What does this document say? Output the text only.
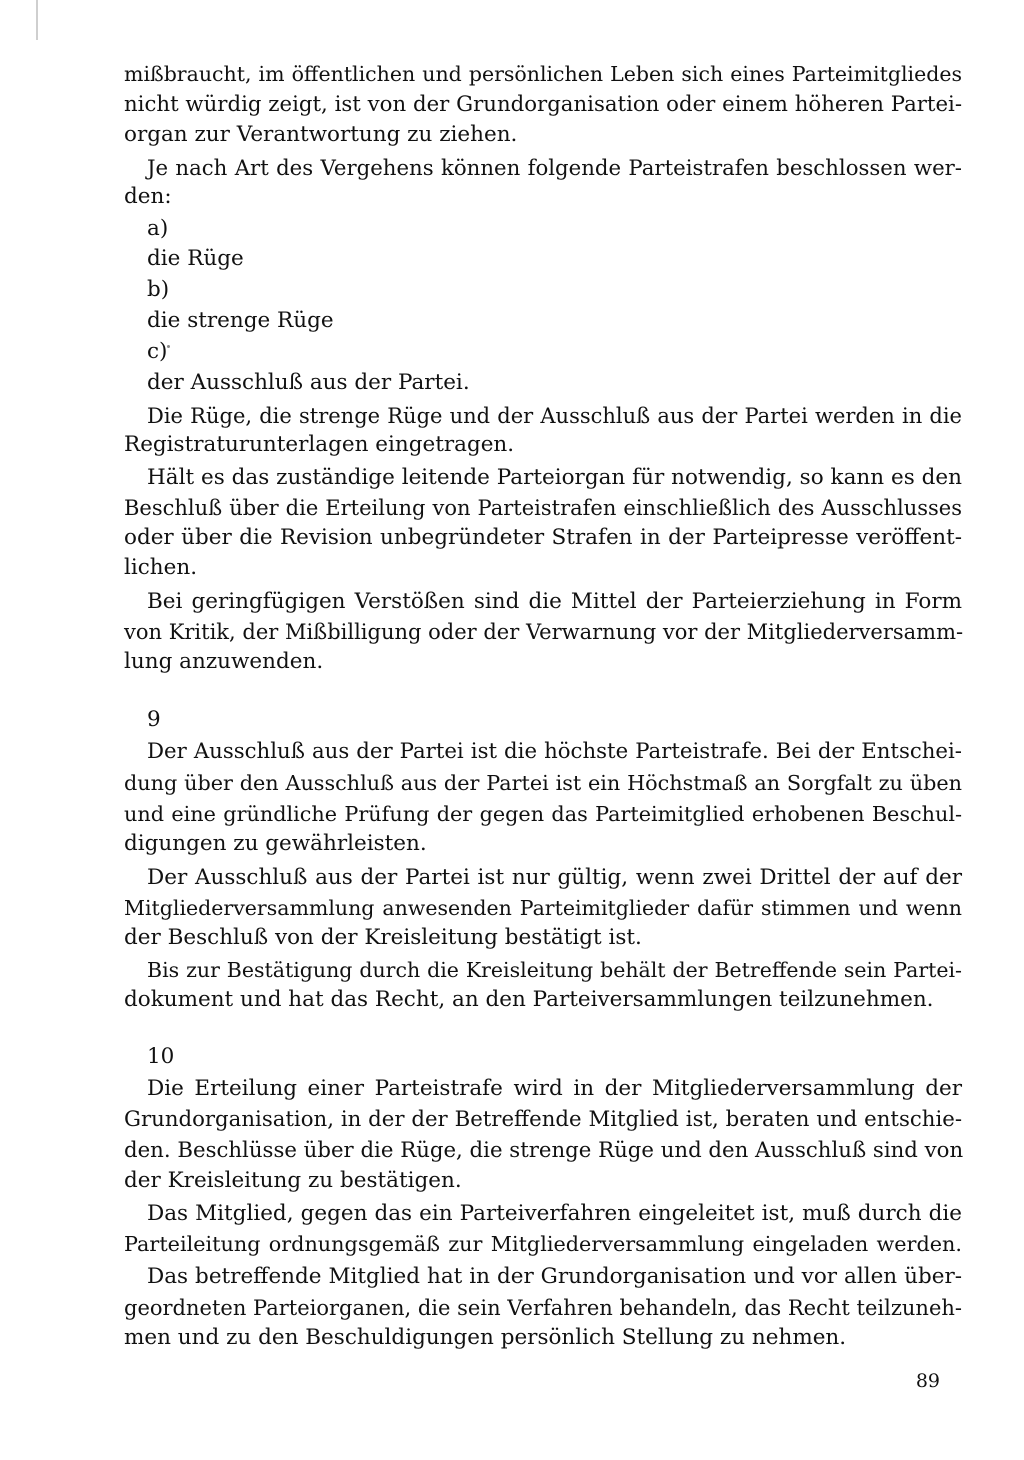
mißbraucht, im öffentlichen und persönlichen Leben sich eines Parteimitgliedes
nicht würdig zeigt, ist von der Grundorganisation oder einem höheren Partei-
organ zur Verantwortung zu ziehen.
Je nach Art des Vergehens können folgende Parteistrafen beschlossen wer-
den:
a)
die Rüge
b)
die strenge Rüge
c)
der Ausschluß aus der Partei.
Die Rüge, die strenge Rüge und der Ausschluß aus der Partei werden in die
Registraturunterlagen eingetragen.
Hält es das zuständige leitende Parteiorgan für notwendig, so kann es den
Beschluß über die Erteilung von Parteistrafen einschließlich des Ausschlusses
oder über die Revision unbegründeter Strafen in der Parteipresse veröffent-
lichen.
Bei geringfügigen Verstößen sind die Mittel der Parteierziehung in Form
von Kritik, der Mißbilligung oder der Verwarnung vor der Mitgliederversamm-
lung anzuwenden.
9
Der Ausschluß aus der Partei ist die höchste Parteistrafe. Bei der Entschei-
dung über den Ausschluß aus der Partei ist ein Höchstmaß an Sorgfalt zu üben
und eine gründliche Prüfung der gegen das Parteimitglied erhobenen Beschul-
digungen zu gewährleisten.
Der Ausschluß aus der Partei ist nur gültig, wenn zwei Drittel der auf der
Mitgliederversammlung anwesenden Parteimitglieder dafür stimmen und wenn
der Beschluß von der Kreisleitung bestätigt ist.
Bis zur Bestätigung durch die Kreisleitung behält der Betreffende sein Partei-
dokument und hat das Recht, an den Parteiversammlungen teilzunehmen.
10
Die Erteilung einer Parteistrafe wird in der Mitgliederversammlung der
Grundorganisation, in der der Betreffende Mitglied ist, beraten und entschie-
den. Beschlüsse über die Rüge, die strenge Rüge und den Ausschluß sind von
der Kreisleitung zu bestätigen.
Das Mitglied, gegen das ein Parteiverfahren eingeleitet ist, muß durch die
Parteileitung ordnungsgemäß zur Mitgliederversammlung eingeladen werden.
Das betreffende Mitglied hat in der Grundorganisation und vor allen über-
geordneten Parteiorganen, die sein Verfahren behandeln, das Recht teilzuneh-
men und zu den Beschuldigungen persönlich Stellung zu nehmen.
89
